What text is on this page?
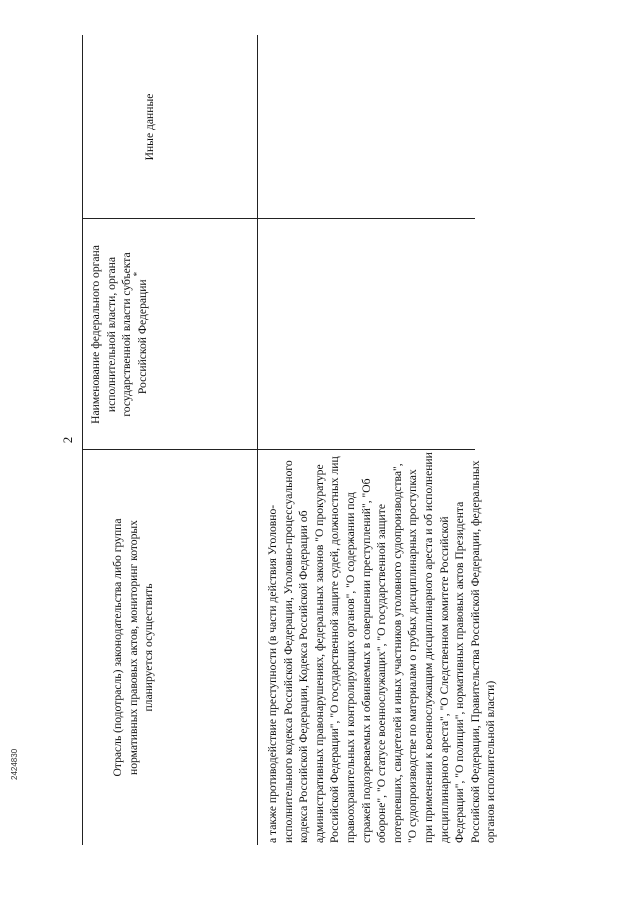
2
Отрасль (подотрасль) законодательства либо группа нормативных правовых актов, мониторинг которых планируется осуществить
Наименование федерального органа исполнительной власти, органа государственной власти субъекта Российской Федерации*
Иные данные
а также противодействие преступности (в части действия Уголовно-исполнительного кодекса Российской Федерации, Уголовно-процессуального кодекса Российской Федерации, Кодекса Российской Федерации об административных правонарушениях, федеральных законов "О прокуратуре Российской Федерации", "О государственной защите судей, должностных лиц правоохранительных и контролирующих органов", "О содержании под стражей подозреваемых и обвиняемых в совершении преступлений", "Об обороне", "О статусе военнослужащих", "О государственной защите потерпевших, свидетелей и иных участников уголовного судопроизводства", "О судопроизводстве по материалам о грубых дисциплинарных проступках при применении к военнослужащим дисциплинарного ареста и об исполнении дисциплинарного ареста", "О Следственном комитете Российской Федерации", "О полиции", нормативных правовых актов Президента Российской Федерации, Правительства Российской Федерации, федеральных органов исполнительной власти)
2424830
